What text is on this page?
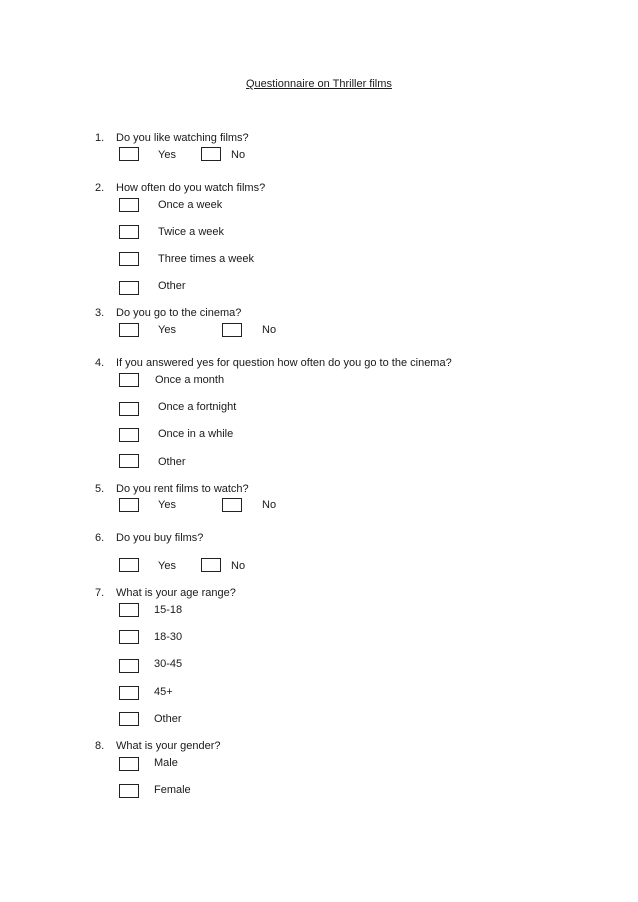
Questionnaire on Thriller films
1. Do you like watching films?
Yes	No
2. How often do you watch films?
Once a week
Twice a week
Three times a week
Other
3. Do you go to the cinema?
Yes	No
4. If you answered yes for question how often do you go to the cinema?
Once a month
Once a fortnight
Once in a while
Other
5. Do you rent films to watch?
Yes	No
6. Do you buy films?
Yes	No
7. What is your age range?
15-18
18-30
30-45
45+
Other
8. What is your gender?
Male
Female
